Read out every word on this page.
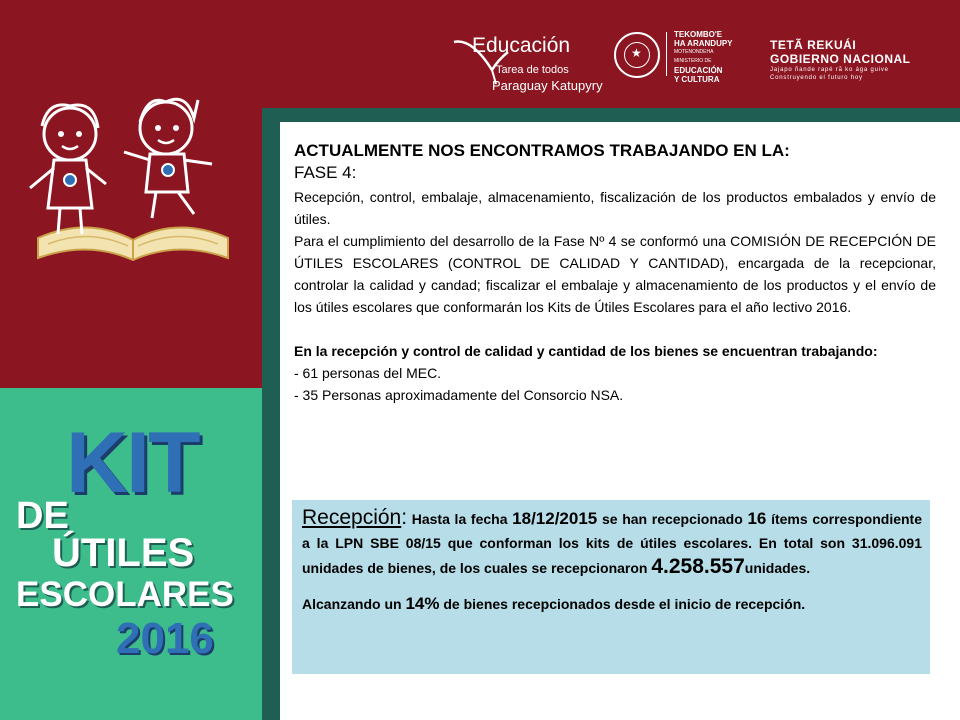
Educación
Tarea de todos
Paraguay Katupyry
★
TEKOMBO'E
HA ARANDUPY
MOTENONDEHA
MINISTERIO DE
EDUCACIÓN
Y CULTURA
TETÃ REKUÁI
GOBIERNO NACIONAL
Jajapo ñande rapé rã ko ága guive
Construyendo el futuro hoy
KIT
DE
ÚTILES
ESCOLARES
2016
ACTUALMENTE NOS ENCONTRAMOS TRABAJANDO EN LA:
FASE 4:
Recepción, control, embalaje, almacenamiento, fiscalización de los productos embalados y envío de útiles.
Para el cumplimiento del desarrollo de la Fase Nº 4 se conformó una COMISIÓN DE RECEPCIÓN DE ÚTILES ESCOLARES (CONTROL DE CALIDAD Y CANTIDAD), encargada de la recepcionar, controlar la calidad y candad; fiscalizar el embalaje y almacenamiento de los productos y el envío de los útiles escolares que conformarán los Kits de Útiles Escolares para el año lectivo 2016.
En la recepción y control de calidad y cantidad de los bienes se encuentran trabajando:
- 61 personas del MEC.
- 35 Personas aproximadamente del Consorcio NSA.
Recepción: Hasta la fecha 18/12/2015 se han recepcionado 16 ítems correspondiente a la LPN SBE 08/15 que conforman los kits de útiles escolares. En total son 31.096.091 unidades de bienes, de los cuales se recepcionaron 4.258.557unidades.
Alcanzando un 14% de bienes recepcionados desde el inicio de recepción.
